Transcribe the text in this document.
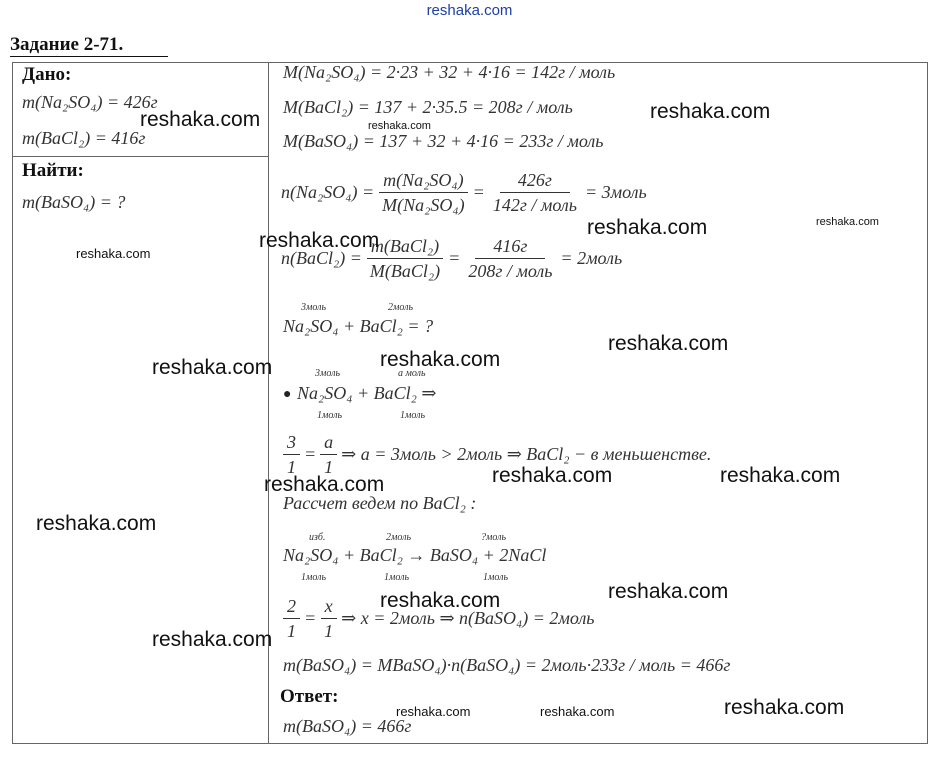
reshaka.com
Задание 2-71.
Дано:
m(Na₂SO₄) = 426г
m(BaCl₂) = 416г
Найти:
m(BaSO₄) = ?
M(Na₂SO₄) = 2·23 + 32 + 4·16 = 142г / моль
M(BaCl₂) = 137 + 2·35.5 = 208г / моль
M(BaSO₄) = 137 + 32 + 4·16 = 233г / моль
$n(Na_2SO_4) = \frac{\text{m(Na₂SO₄)}}{\text{M(Na₂SO₄)}} = \frac{426г}{\text{142г / моль}}$ = 3моль
n(BaCl₂) = $\frac{\text{m(BaCl₂)}}{\text{M(BaCl₂)}} = \frac{416г}{\text{208г / моль}}$ = 2моль
3моль	2моль
Na₂SO₄ + BaCl₂ = ?
3моль	a моль
● Na₂SO₄ + BaCl₂ ⇒
1моль	1моль
$\frac{3}{1} = \frac{a}{1}$ ⇒ a = 3моль > 2моль ⇒ BaCl₂ − в меньшенстве.
Рассчет ведем по BaCl₂ :
изб.	2моль	?моль
Na₂SO₄ + BaCl₂ → BaSO₄ + 2NaCl
1моль	1моль	1моль
$\frac{2}{1} = \frac{x}{1}$ ⇒ x = 2моль ⇒ n(BaSO₄) = 2моль
m(BaSO₄) = MBaSO₄)·n(BaSO₄) = 2моль·233г / моль = 466г
Ответ:
m(BaSO₄) = 466г
reshaka.com	reshaka.com
reshaka.com
reshaka.com
reshaka.com
reshaka.com
reshaka.com
reshaka.com
reshaka.com
reshaka.com
reshaka.com	reshaka.com
reshaka.com
reshaka.com
reshaka.com
reshaka.com
reshaka.com
reshaka.com	reshaka.com	reshaka.com
